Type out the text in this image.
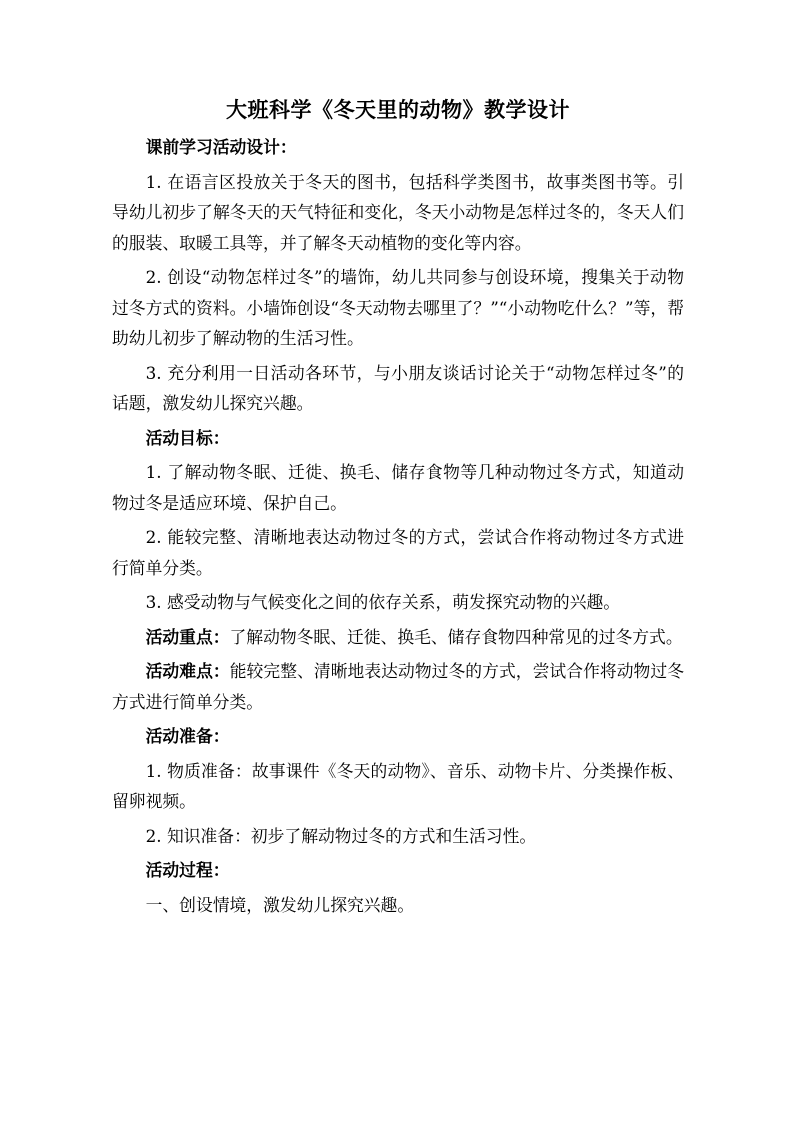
大班科学《冬天里的动物》教学设计
课前学习活动设计：

1. 在语言区投放关于冬天的图书，包括科学类图书，故事类图书等。引导幼儿初步了解冬天的天气特征和变化，冬天小动物是怎样过冬的，冬天人们的服装、取暖工具等，并了解冬天动植物的变化等内容。

2. 创设“动物怎样过冬”的墙饰，幼儿共同参与创设环境，搜集关于动物过冬方式的资料。小墙饰创设“冬天动物去哪里了？”“小动物吃什么？”等，帮助幼儿初步了解动物的生活习性。

3. 充分利用一日活动各环节，与小朋友谈话讨论关于“动物怎样过冬”的话题，激发幼儿探究兴趣。

活动目标：

1. 了解动物冬眠、迁徙、换毛、储存食物等几种动物过冬方式，知道动物过冬是适应环境、保护自己。

2. 能较完整、清晰地表达动物过冬的方式，尝试合作将动物过冬方式进行简单分类。

3. 感受动物与气候变化之间的依存关系，萌发探究动物的兴趣。

活动重点：了解动物冬眠、迁徙、换毛、储存食物四种常见的过冬方式。

活动难点：能较完整、清晰地表达动物过冬的方式，尝试合作将动物过冬方式进行简单分类。

活动准备：

1. 物质准备：故事课件《冬天的动物》、音乐、动物卡片、分类操作板、留卵视频。

2. 知识准备：初步了解动物过冬的方式和生活习性。

活动过程：

一、创设情境，激发幼儿探究兴趣。
